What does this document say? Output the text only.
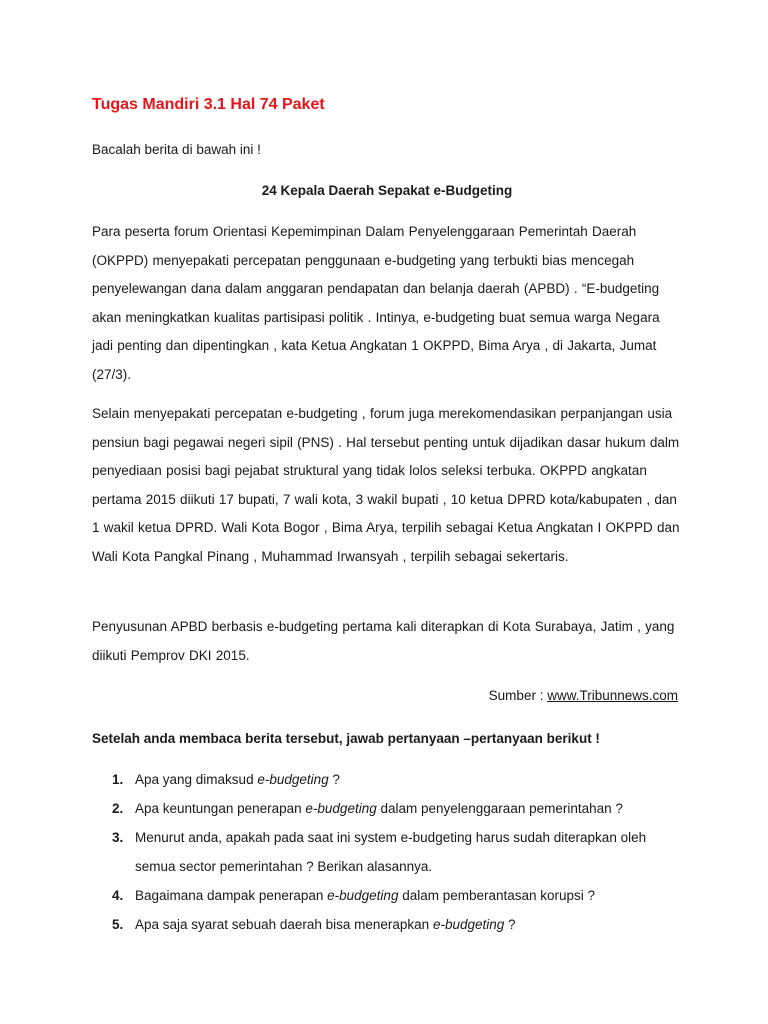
Tugas Mandiri 3.1 Hal 74 Paket

Bacalah berita di bawah ini !

24 Kepala Daerah Sepakat e-Budgeting

Para peserta forum Orientasi Kepemimpinan Dalam Penyelenggaraan Pemerintah Daerah (OKPPD) menyepakati percepatan penggunaan e-budgeting yang terbukti bias mencegah penyelewangan dana dalam anggaran pendapatan dan belanja daerah (APBD) . “E-budgeting akan meningkatkan kualitas partisipasi politik . Intinya, e-budgeting buat semua warga Negara jadi penting dan dipentingkan , kata Ketua Angkatan 1 OKPPD, Bima Arya , di Jakarta, Jumat (27/3).

Selain menyepakati percepatan e-budgeting , forum juga merekomendasikan perpanjangan usia pensiun bagi pegawai negeri sipil (PNS) . Hal tersebut penting untuk dijadikan dasar hukum dalm penyediaan posisi bagi pejabat struktural yang tidak lolos seleksi terbuka. OKPPD angkatan pertama 2015 diikuti 17 bupati, 7 wali kota, 3 wakil bupati , 10 ketua DPRD kota/kabupaten , dan 1 wakil ketua DPRD. Wali Kota Bogor , Bima Arya, terpilih sebagai Ketua Angkatan I OKPPD dan Wali Kota Pangkal Pinang , Muhammad Irwansyah , terpilih sebagai sekertaris.

Penyusunan APBD berbasis e-budgeting pertama kali diterapkan di Kota Surabaya, Jatim , yang diikuti Pemprov DKI 2015.

Sumber : www.Tribunnews.com

Setelah anda membaca berita tersebut, jawab pertanyaan –pertanyaan berikut !

1. Apa yang dimaksud e-budgeting ?
2. Apa keuntungan penerapan e-budgeting dalam penyelenggaraan pemerintahan ?
3. Menurut anda, apakah pada saat ini system e-budgeting harus sudah diterapkan oleh semua sector pemerintahan ? Berikan alasannya.
4. Bagaimana dampak penerapan e-budgeting dalam pemberantasan korupsi ?
5. Apa saja syarat sebuah daerah bisa menerapkan e-budgeting ?
